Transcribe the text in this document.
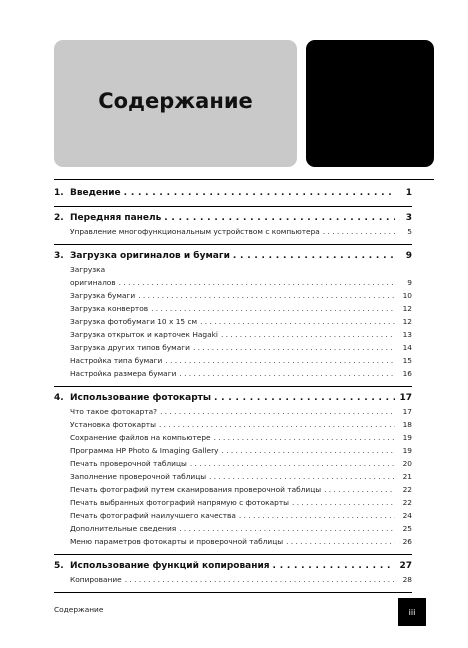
Содержание
1. Введение . . .	1
2. Передняя панель . . .	3
Управление многофункциональным устройством с компьютера . . .	5
3. Загрузка оригиналов и бумаги . . .	9
Загрузка
оригиналов . . .	9
Загрузка бумаги . . .	10
Загрузка конвертов . . .	12
Загрузка фотобумаги 10 x 15 см . . .	12
Загрузка открыток и карточек Hagaki . . .	13
Загрузка других типов бумаги . . .	14
Настройка типа бумаги . . .	15
Настройка размера бумаги . . .	16
4. Использование фотокарты . . .	17
Что такое фотокарта? . . .	17
Установка фотокарты . . .	18
Сохранение файлов на компьютере . . .	19
Программа HP Photo & Imaging Gallery . . .	19
Печать проверочной таблицы . . .	20
Заполнение проверочной таблицы . . .	21
Печать фотографий путем сканирования проверочной таблицы . . .	22
Печать выбранных фотографий напрямую с фотокарты . . .	22
Печать фотографий наилучшего качества . . .	24
Дополнительные сведения . . .	25
Меню параметров фотокарты и проверочной таблицы . . .	26
5. Использование функций копирования . . .	27
Копирование . . .	28
Содержание	iii
